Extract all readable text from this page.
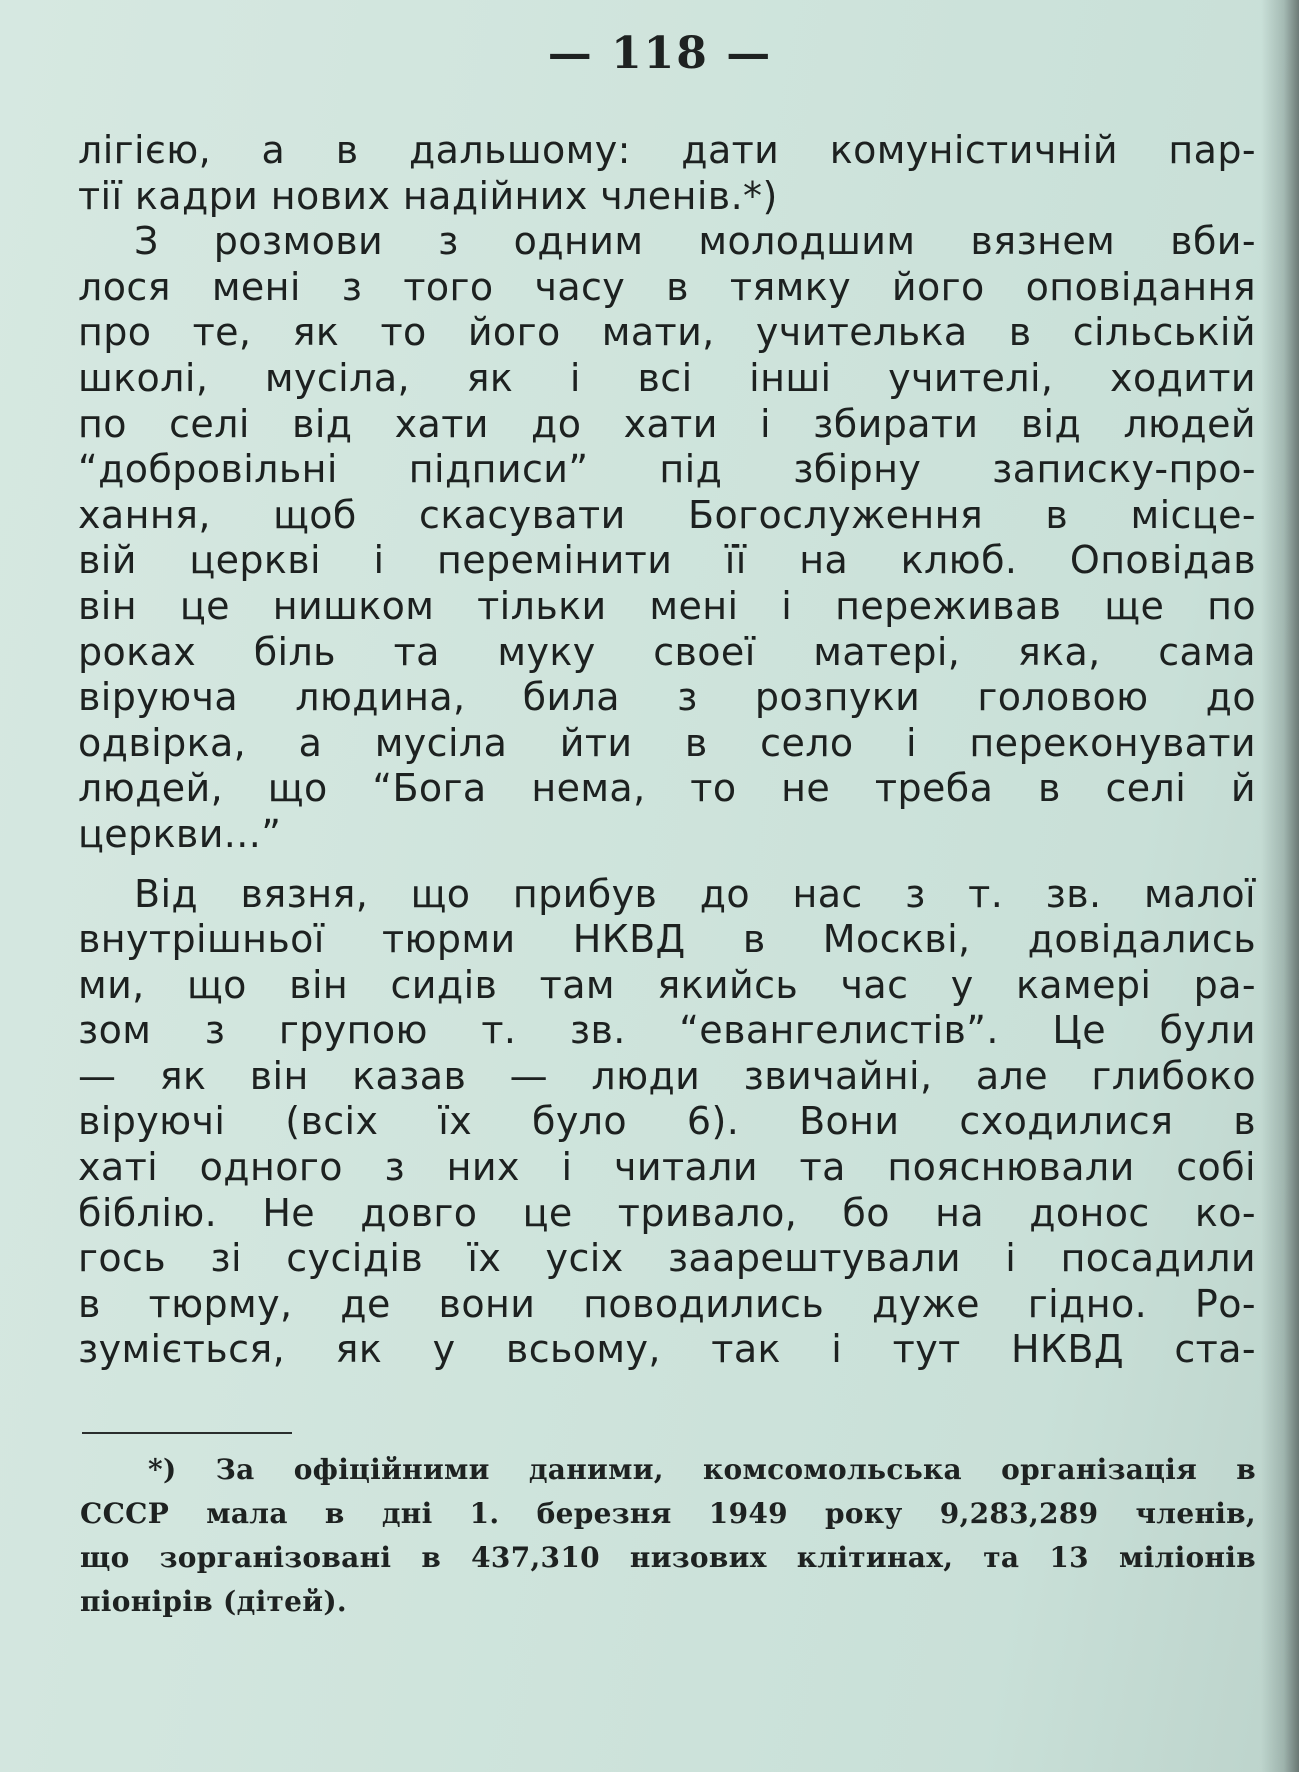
— 118 —
лігією, а в дальшому: дати комуністичній пар-
тії кадри нових надійних членів.*)
З розмови з одним молодшим вязнем вби-
лося мені з того часу в тямку його оповідання
про те, як то його мати, учителька в сільській
школі, мусіла, як і всі інші учителі, ходити
по селі від хати до хати і збирати від людей
“добровільні підписи” під збірну записку-про-
хання, щоб скасувати Богослуження в місце-
вій церкві і перемінити її на клюб. Оповідав
він це нишком тільки мені і переживав ще по
роках біль та муку своеї матері, яка, сама
віруюча людина, била з розпуки головою до
одвірка, а мусіла йти в село і переконувати
людей, що “Бога нема, то не треба в селі й
церкви...”
Від вязня, що прибув до нас з т. зв. малої
внутрішньої тюрми НКВД в Москві, довідались
ми, що він сидів там якийсь час у камері ра-
зом з групою т. зв. “евангелистів”. Це були
— як він казав — люди звичайні, але глибоко
віруючі (всіх їх було 6). Вони сходилися в
хаті одного з них і читали та пояснювали собі
біблію. Не довго це тривало, бо на донос ко-
гось зі сусідів їх усіх заарештували і посадили
в тюрму, де вони поводились дуже гідно. Ро-
зуміється, як у всьому, так і тут НКВД ста-
*) За офіційними даними, комсомольська організація в
СССР мала в дні 1. березня 1949 року 9,283,289 членів,
що зорганізовані в 437,310 низових клітинах, та 13 міліонів
піонірів (дітей).
